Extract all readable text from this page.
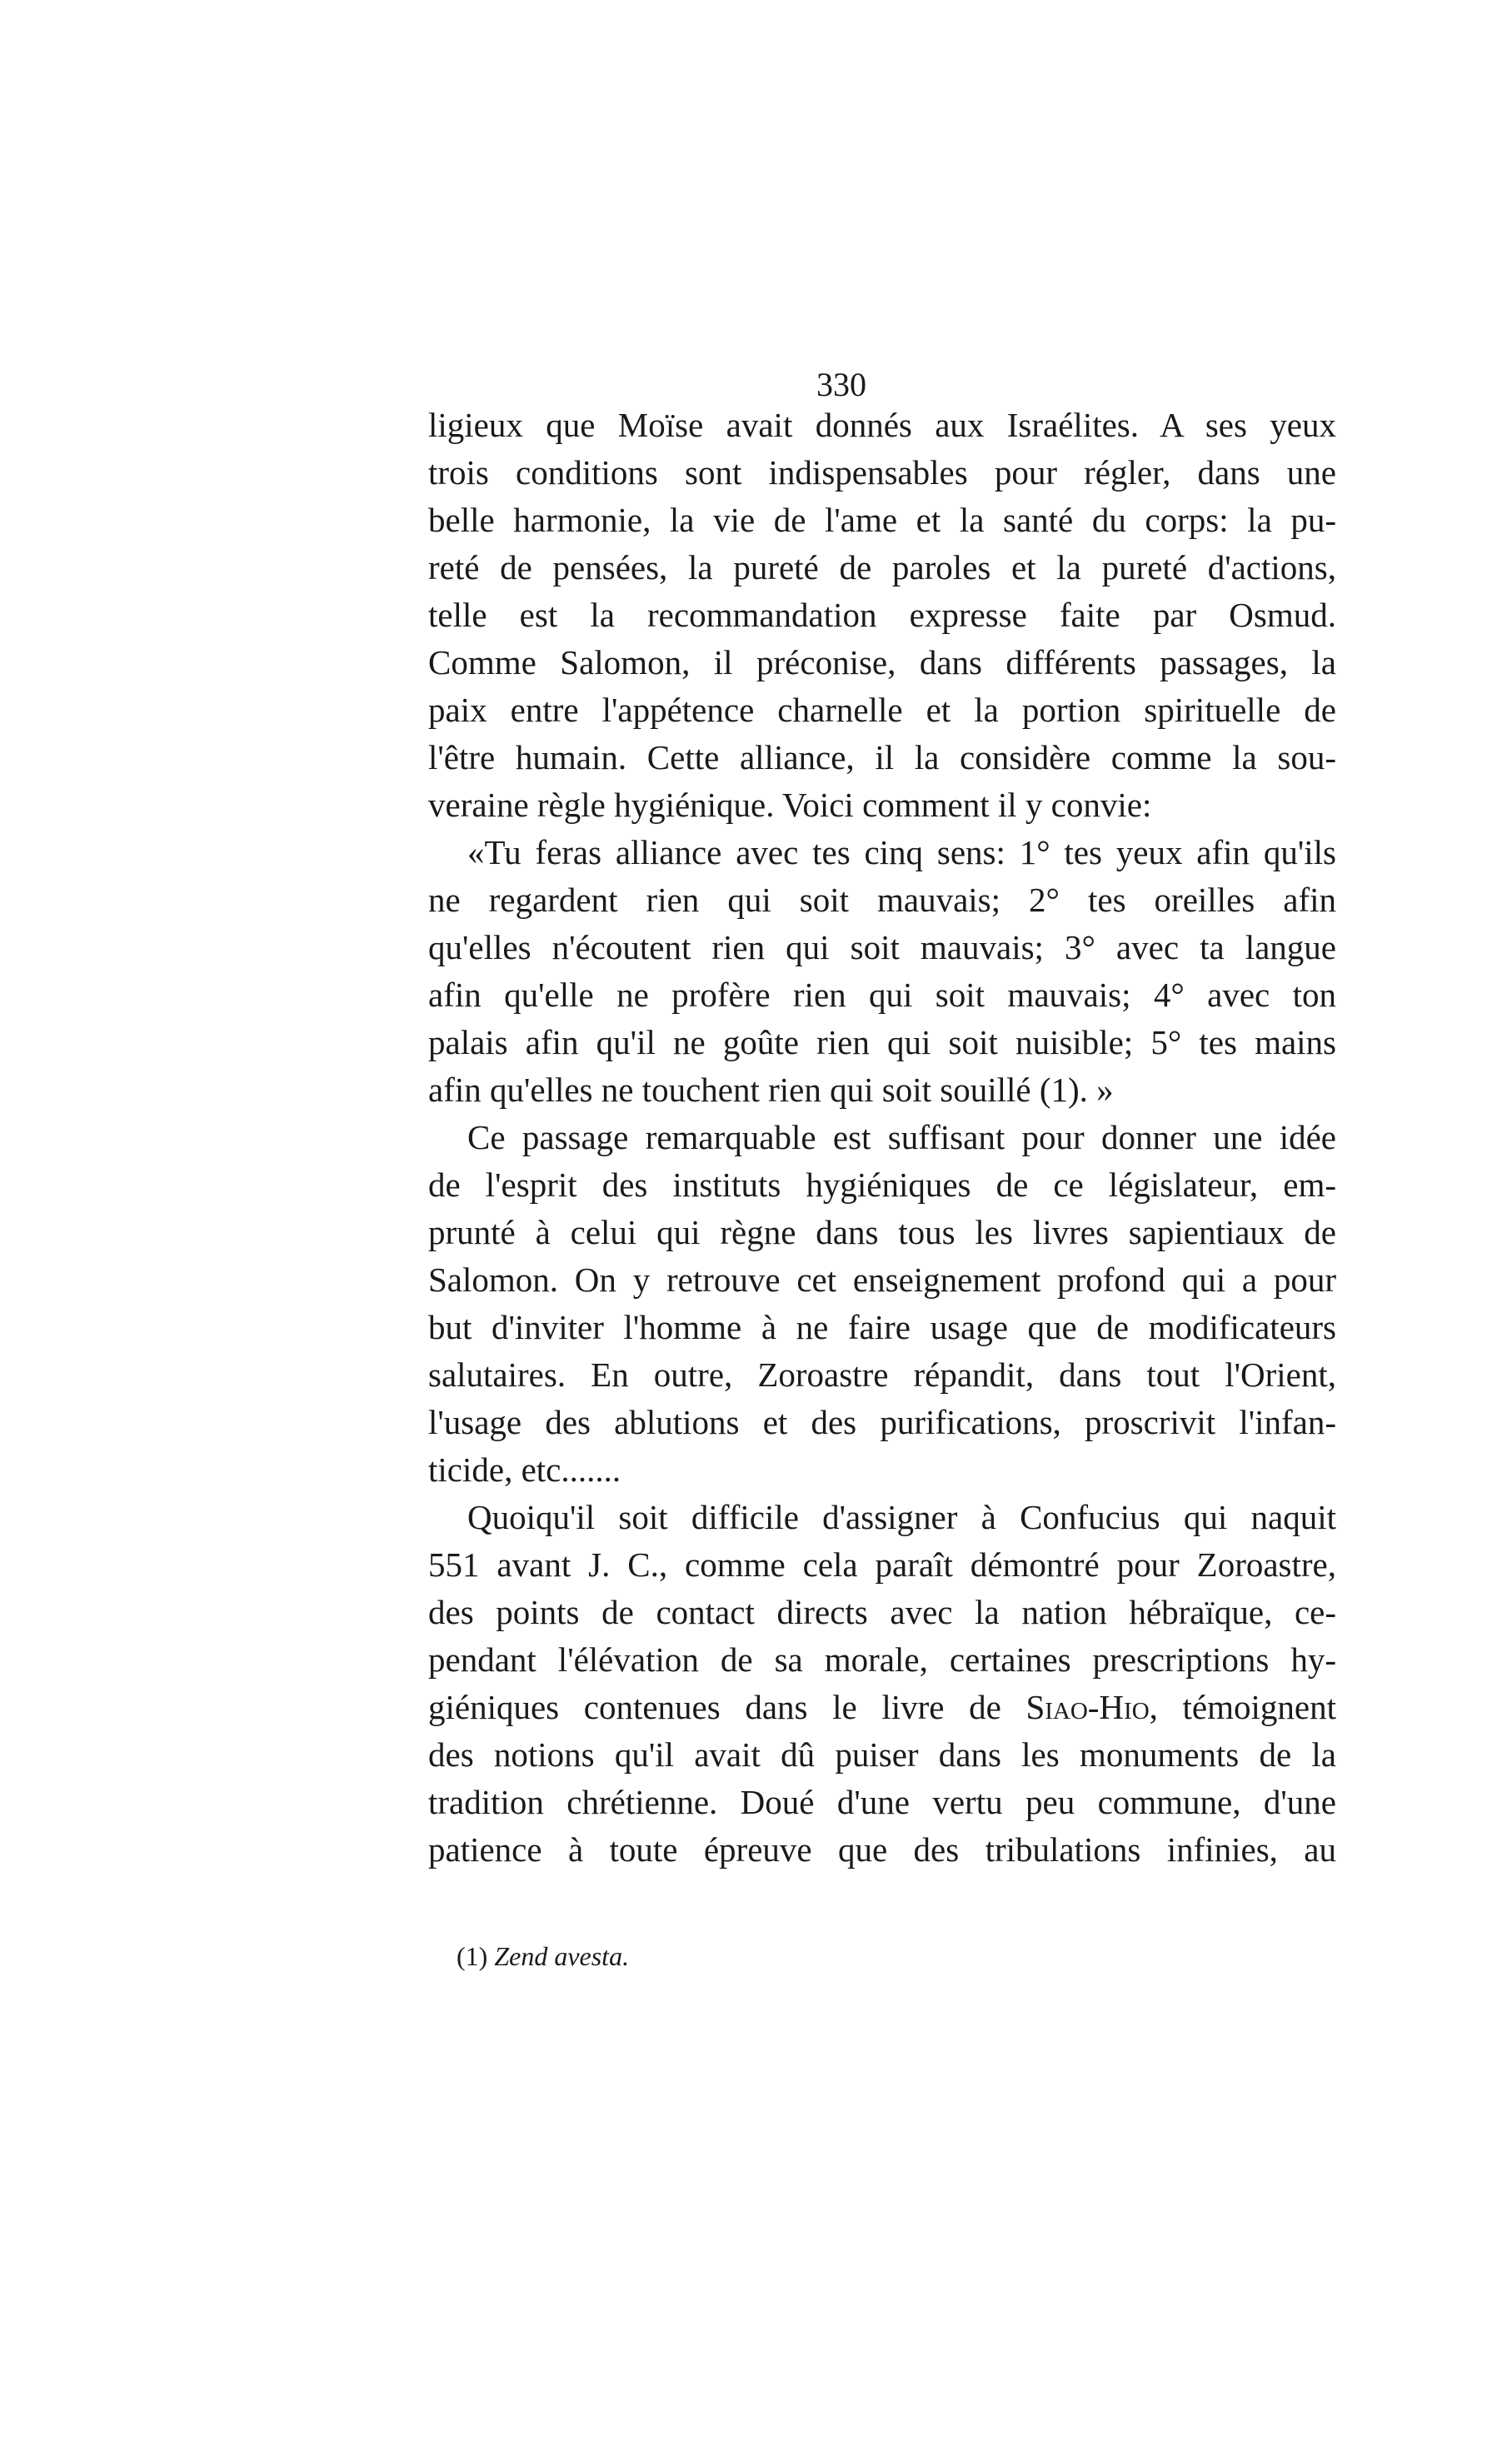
330
ligieux que Moïse avait donnés aux Israélites. A ses yeux
trois conditions sont indispensables pour régler, dans une
belle harmonie, la vie de l'ame et la santé du corps: la pu-
reté de pensées, la pureté de paroles et la pureté d'actions,
telle est la recommandation expresse faite par Osmud.
Comme Salomon, il préconise, dans différents passages, la
paix entre l'appétence charnelle et la portion spirituelle de
l'être humain. Cette alliance, il la considère comme la sou-
veraine règle hygiénique. Voici comment il y convie:
«Tu feras alliance avec tes cinq sens: 1° tes yeux afin qu'ils
ne regardent rien qui soit mauvais; 2° tes oreilles afin
qu'elles n'écoutent rien qui soit mauvais; 3° avec ta langue
afin qu'elle ne profère rien qui soit mauvais; 4° avec ton
palais afin qu'il ne goûte rien qui soit nuisible; 5° tes mains
afin qu'elles ne touchent rien qui soit souillé (1). »
Ce passage remarquable est suffisant pour donner une idée
de l'esprit des instituts hygiéniques de ce législateur, em-
prunté à celui qui règne dans tous les livres sapientiaux de
Salomon. On y retrouve cet enseignement profond qui a pour
but d'inviter l'homme à ne faire usage que de modificateurs
salutaires. En outre, Zoroastre répandit, dans tout l'Orient,
l'usage des ablutions et des purifications, proscrivit l'infan-
ticide, etc.......
Quoiqu'il soit difficile d'assigner à Confucius qui naquit
551 avant J. C., comme cela paraît démontré pour Zoroastre,
des points de contact directs avec la nation hébraïque, ce-
pendant l'élévation de sa morale, certaines prescriptions hy-
giéniques contenues dans le livre de Siao-Hio, témoignent
des notions qu'il avait dû puiser dans les monuments de la
tradition chrétienne. Doué d'une vertu peu commune, d'une
patience à toute épreuve que des tribulations infinies, au
(1) Zend avesta.
